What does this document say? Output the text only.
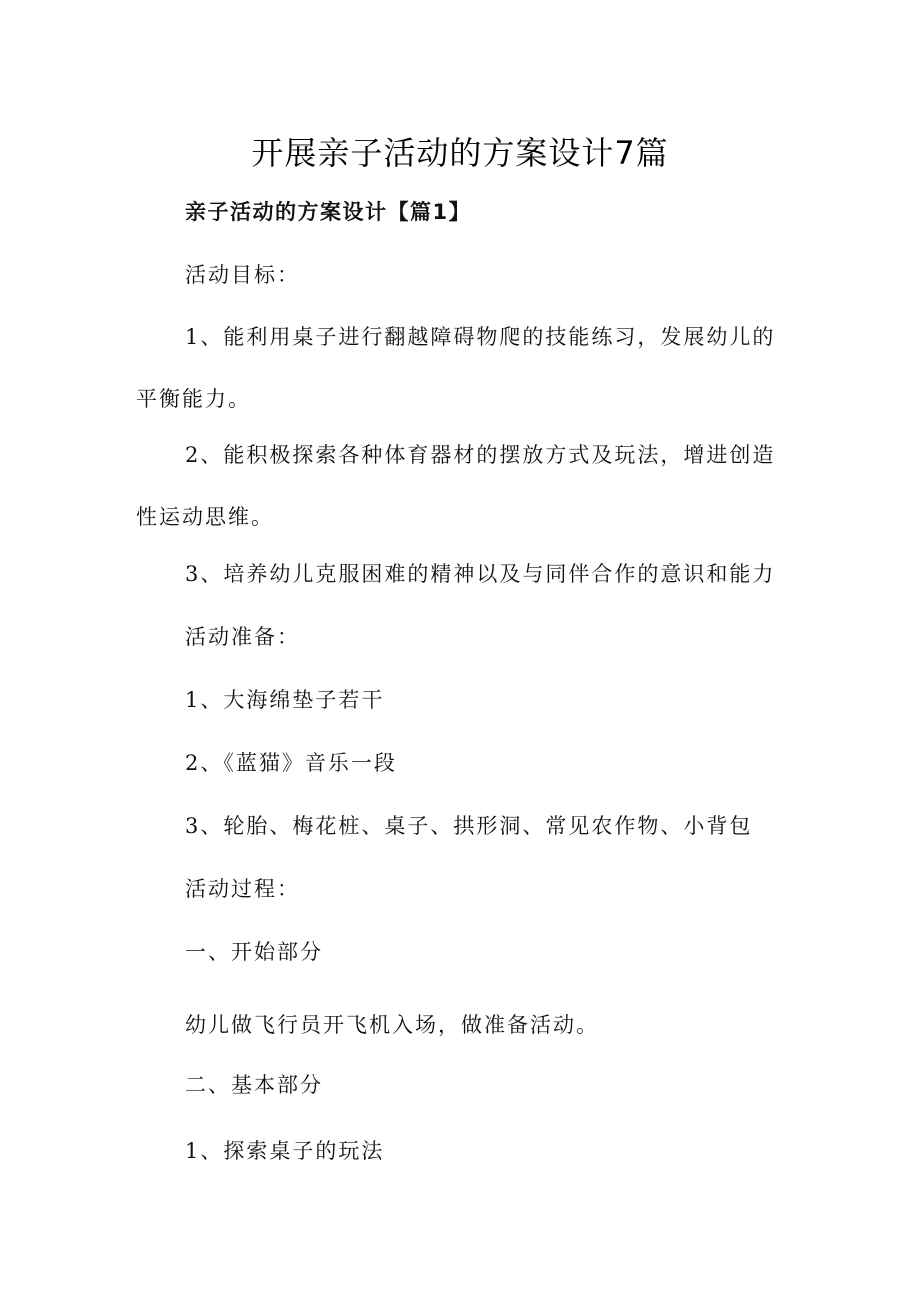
开展亲子活动的方案设计7篇
亲子活动的方案设计【篇1】
活动目标：
1、能利用桌子进行翻越障碍物爬的技能练习，发展幼儿的平衡能力。
2、能积极探索各种体育器材的摆放方式及玩法，增进创造性运动思维。
3、培养幼儿克服困难的精神以及与同伴合作的意识和能力
活动准备：
1、大海绵垫子若干
2、《蓝猫》音乐一段
3、轮胎、梅花桩、桌子、拱形洞、常见农作物、小背包
活动过程：
一、开始部分
幼儿做飞行员开飞机入场，做准备活动。
二、基本部分
1、探索桌子的玩法
